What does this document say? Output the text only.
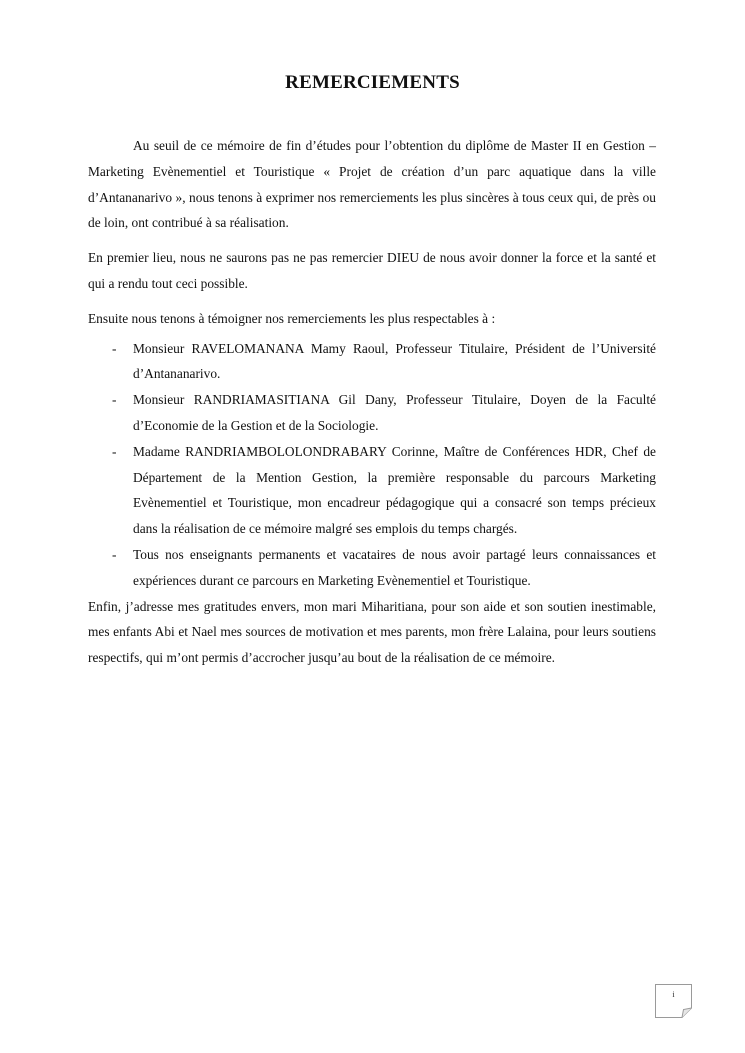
REMERCIEMENTS

Au seuil de ce mémoire de fin d’études pour l’obtention du diplôme de Master II en Gestion – Marketing Evènementiel et Touristique « Projet de création d’un parc aquatique dans la ville d’Antananarivo », nous tenons à exprimer nos remerciements les plus sincères à tous ceux qui, de près ou de loin, ont contribué à sa réalisation.

En premier lieu, nous ne saurons pas ne pas remercier DIEU de nous avoir donner la force et la santé et qui a rendu tout ceci possible.

Ensuite nous tenons à témoigner nos remerciements les plus respectables à :

-	Monsieur RAVELOMANANA Mamy Raoul, Professeur Titulaire, Président de l’Université d’Antananarivo.
-	Monsieur RANDRIAMASITIANA Gil Dany, Professeur Titulaire, Doyen de la Faculté d’Economie de la Gestion et de la Sociologie.
-	Madame RANDRIAMBOLOLONDRABARY Corinne, Maître de Conférences HDR, Chef de Département de la Mention Gestion, la première responsable du parcours Marketing Evènementiel et Touristique, mon encadreur pédagogique qui a consacré son temps précieux dans la réalisation de ce mémoire malgré ses emplois du temps chargés.
-	Tous nos enseignants permanents et vacataires de nous avoir partagé leurs connaissances et expériences durant ce parcours en Marketing Evènementiel et Touristique.

Enfin, j’adresse mes gratitudes envers, mon mari Miharitiana, pour son aide et son soutien inestimable, mes enfants Abi et Nael mes sources de motivation et mes parents, mon frère Lalaina, pour leurs soutiens respectifs, qui m’ont permis d’accrocher jusqu’au bout de la réalisation de ce mémoire.

i
